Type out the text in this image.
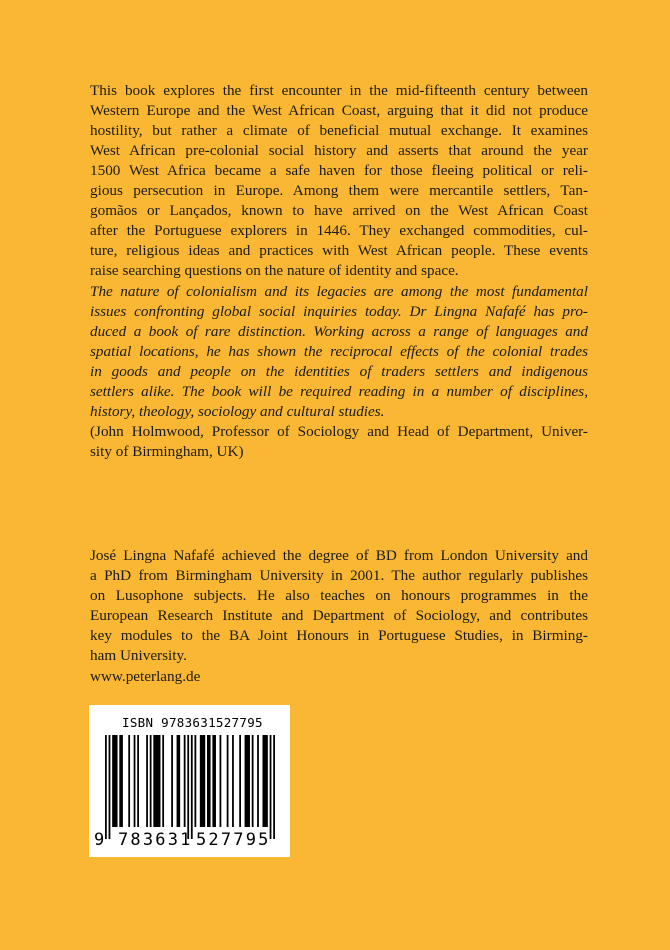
This book explores the first encounter in the mid-fifteenth century between
Western Europe and the West African Coast, arguing that it did not produce
hostility, but rather a climate of beneficial mutual exchange. It examines
West African pre-colonial social history and asserts that around the year
1500 West Africa became a safe haven for those fleeing political or reli-
gious persecution in Europe. Among them were mercantile settlers, Tan-
gomãos or Lançados, known to have arrived on the West African Coast
after the Portuguese explorers in 1446. They exchanged commodities, cul-
ture, religious ideas and practices with West African people. These events
raise searching questions on the nature of identity and space.
The nature of colonialism and its legacies are among the most fundamental
issues confronting global social inquiries today. Dr Lingna Nafafé has pro-
duced a book of rare distinction. Working across a range of languages and
spatial locations, he has shown the reciprocal effects of the colonial trades
in goods and people on the identities of traders settlers and indigenous
settlers alike. The book will be required reading in a number of disciplines,
history, theology, sociology and cultural studies.
(John Holmwood, Professor of Sociology and Head of Department, Univer-
sity of Birmingham, UK)
José Lingna Nafafé achieved the degree of BD from London University and
a PhD from Birmingham University in 2001. The author regularly publishes
on Lusophone subjects. He also teaches on honours programmes in the
European Research Institute and Department of Sociology, and contributes
key modules to the BA Joint Honours in Portuguese Studies, in Birming-
ham University.
www.peterlang.de
ISBN 9783631527795
9 783631 527795
